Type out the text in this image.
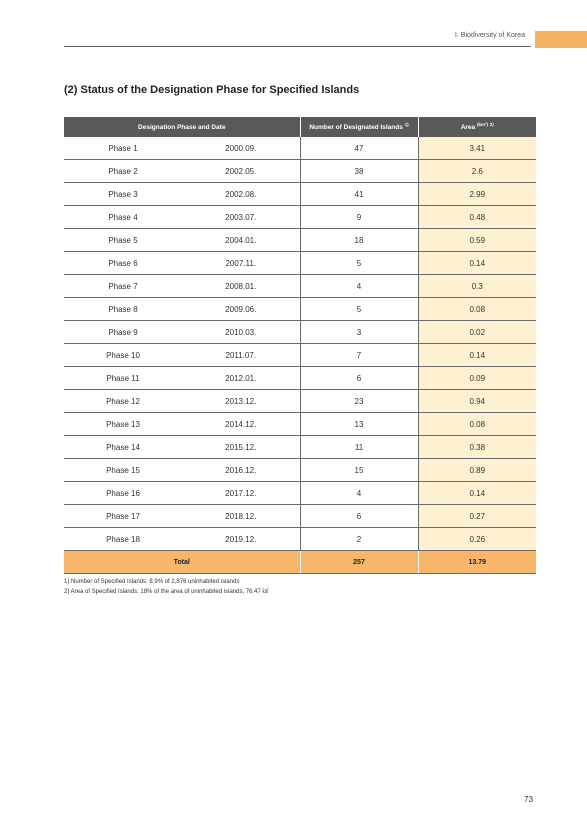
Ⅰ. Biodiversity of Korea
(2) Status of the Designation Phase for Specified Islands
Designation Phase and Date		Number of Designated Islands $^{1)}$	Area $^{(km^2)}$ $^{2)}$
Phase 1	2000.09.	47	3.41
Phase 2	2002.05.	38	2.6
Phase 3	2002.08.	41	2.99
Phase 4	2003.07.	9	0.48
Phase 5	2004.01.	18	0.59
Phase 6	2007.11.	5	0.14
Phase 7	2008.01.	4	0.3
Phase 8	2009.06.	5	0.08
Phase 9	2010.03.	3	0.02
Phase 10	2011.07.	7	0.14
Phase 11	2012.01.	6	0.09
Phase 12	2013.12.	23	0.94
Phase 13	2014.12.	13	0.08
Phase 14	2015.12.	11	0.38
Phase 15	2016.12.	15	0.89
Phase 16	2017.12.	4	0.14
Phase 17	2018.12.	6	0.27
Phase 18	2019.12.	2	0.26
Total		257	13.79
1) Number of Specified Islands: 8.9% of 2,876 uninhabited islands
2) Area of Specified Islands: 18% of the area of uninhabited islands, 76.47 ㎢
73
